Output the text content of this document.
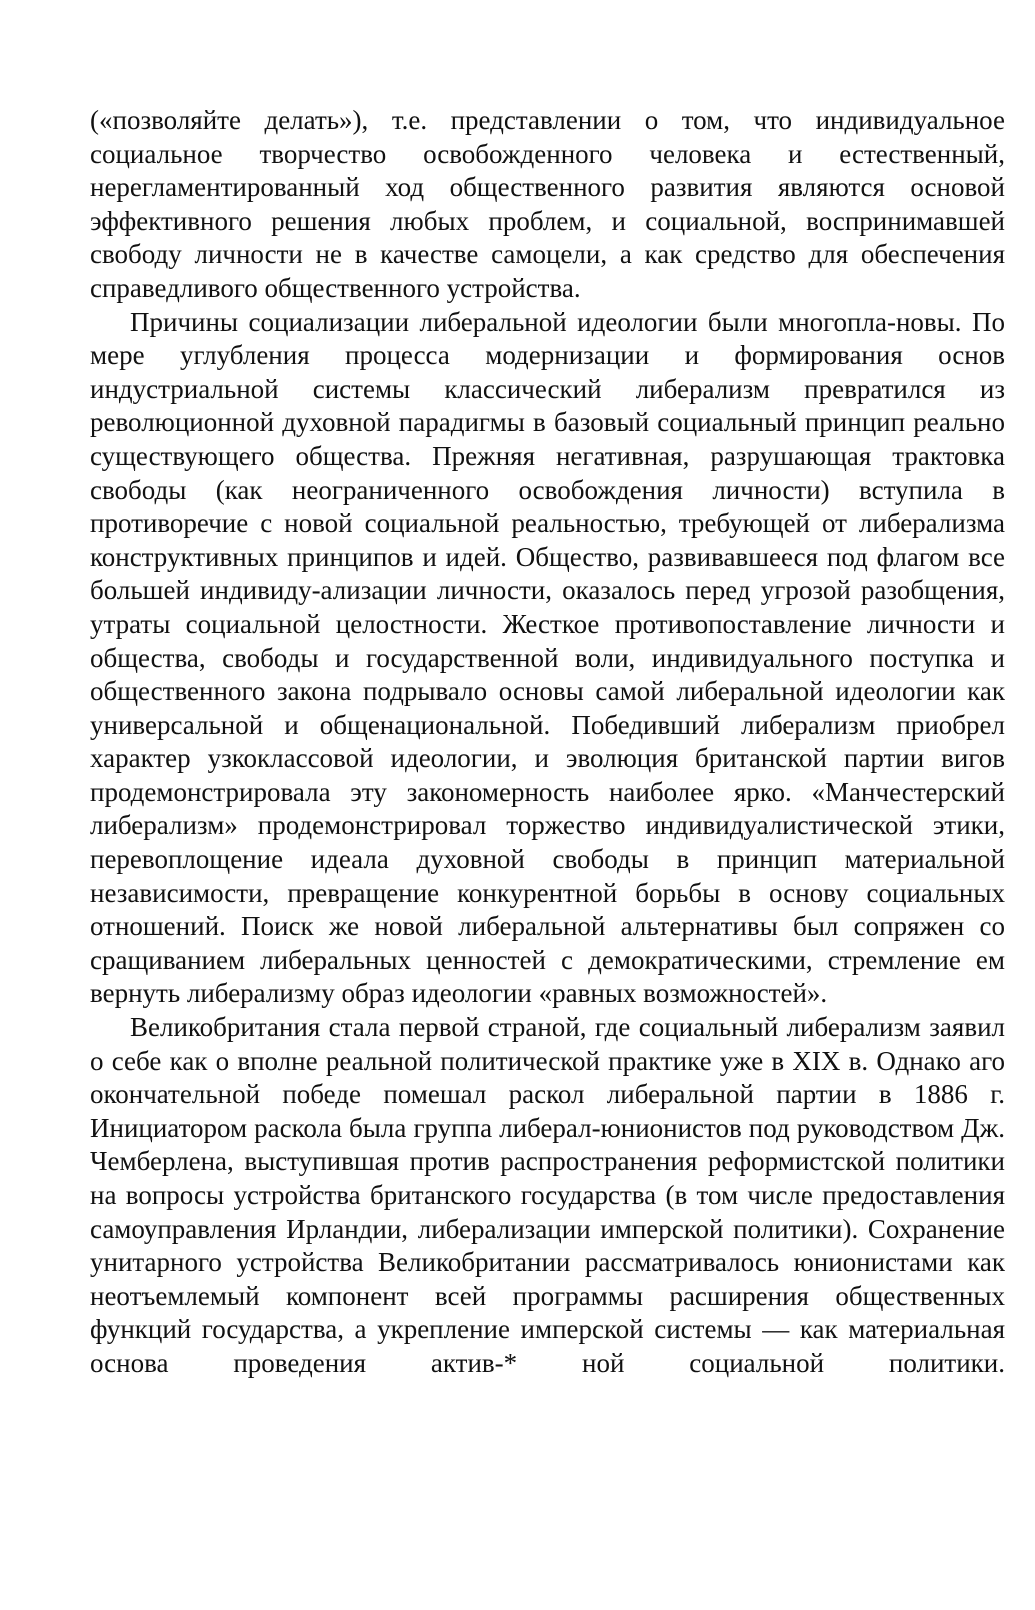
(«позволяйте делать»), т.е. представлении о том, что индивидуальное социальное творчество освобожденного человека и естественный, нерегламентированный ход общественного развития являются основой эффективного решения любых проблем, и социальной, воспринимавшей свободу личности не в качестве самоцели, а как средство для обеспечения справедливого общественного устройства.

Причины социализации либеральной идеологии были многопла-новы. По мере углубления процесса модернизации и формирования основ индустриальной системы классический либерализм превратился из революционной духовной парадигмы в базовый социальный принцип реально существующего общества. Прежняя негативная, разрушающая трактовка свободы (как неограниченного освобождения личности) вступила в противоречие с новой социальной реальностью, требующей от либерализма конструктивных принципов и идей. Общество, развивавшееся под флагом все большей индивиду-ализации личности, оказалось перед угрозой разобщения, утраты социальной целостности. Жесткое противопоставление личности и общества, свободы и государственной воли, индивидуального поступка и общественного закона подрывало основы самой либеральной идеологии как универсальной и общенациональной. Победивший либерализм приобрел характер узкоклассовой идеологии, и эволюция британской партии вигов продемонстрировала эту закономерность наиболее ярко. «Манчестерский либерализм» продемонстрировал торжество индивидуалистической этики, перевоплощение идеала духовной свободы в принцип материальной независимости, превращение конкурентной борьбы в основу социальных отношений. Поиск же новой либеральной альтернативы был сопряжен со сращиванием либеральных ценностей с демократическими, стремление ем вернуть либерализму образ идеологии «равных возможностей».

Великобритания стала первой страной, где социальный либерализм заявил о себе как о вполне реальной политической практике уже в XIX в. Однако аго окончательной победе помешал раскол либеральной партии в 1886 г. Инициатором раскола была группа либерал-юнионистов под руководством Дж. Чемберлена, выступившая против распространения реформистской политики на вопросы устройства британского государства (в том числе предоставления самоуправления Ирландии, либерализации имперской политики). Сохранение унитарного устройства Великобритании рассматривалось юнионистами как неотъемлемый компонент всей программы расширения общественных функций государства, а укрепление имперской системы — как материальная основа проведения актив-* ной социальной политики.
